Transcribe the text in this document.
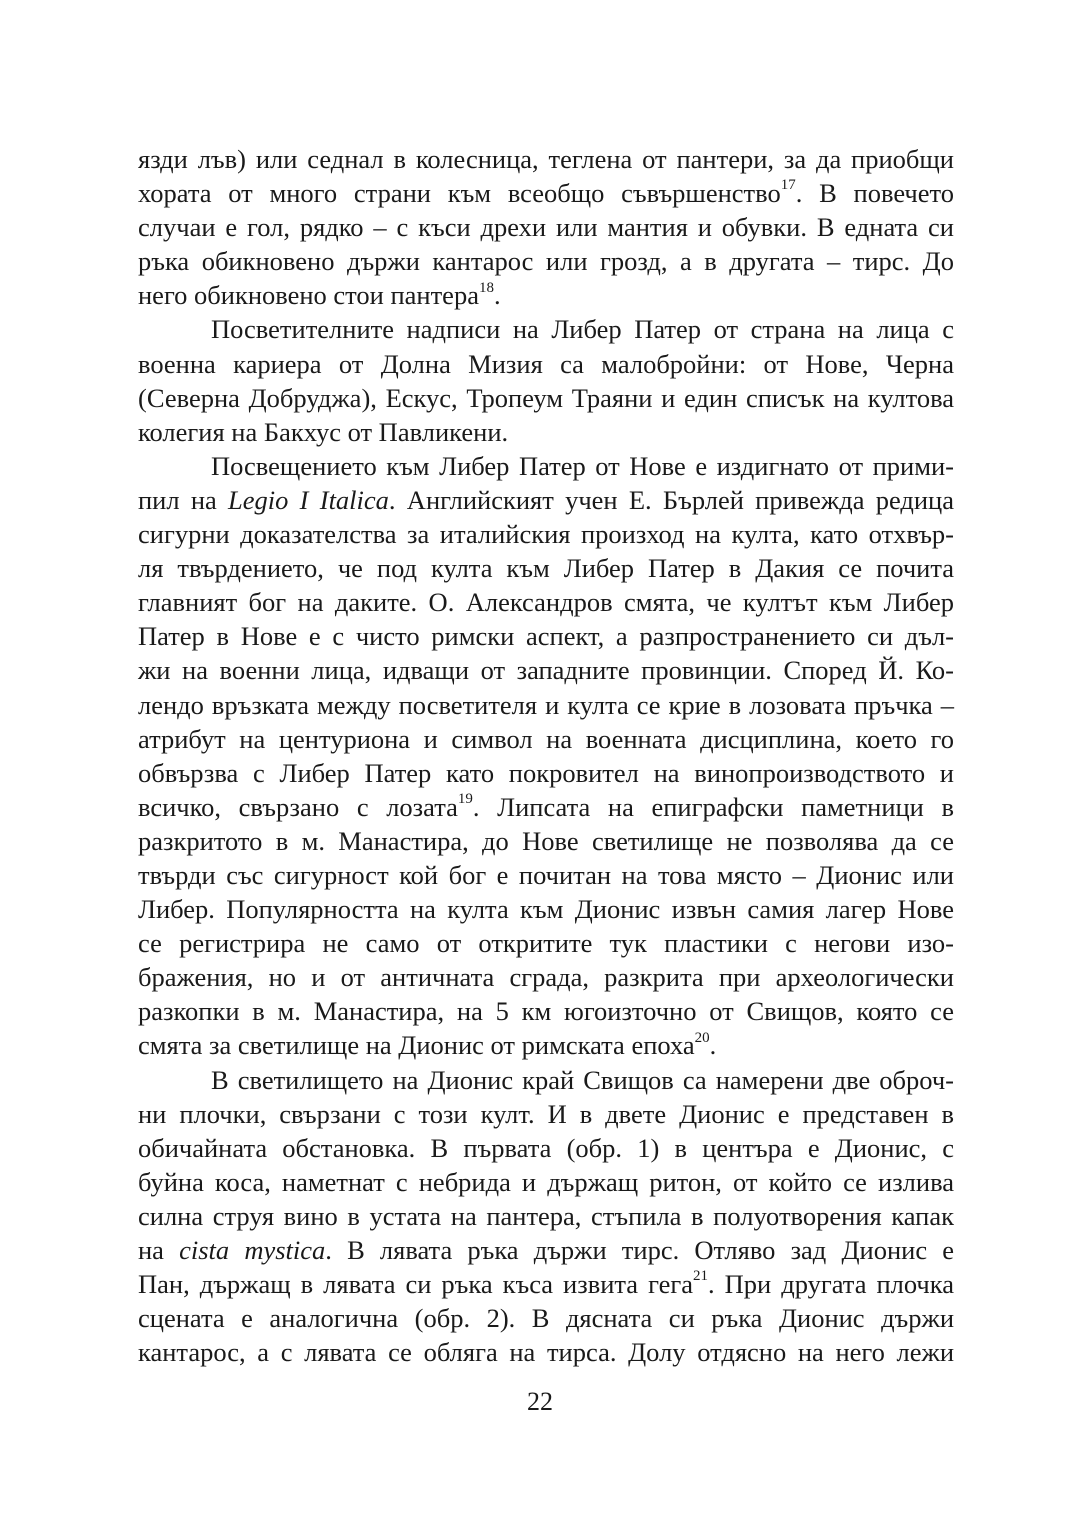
язди лъв) или седнал в колесница, теглена от пантери, за да приобщи
хората от много страни към всеобщо съвършенство$^{17}$. В повечето
случаи е гол, рядко – с къси дрехи или мантия и обувки. В едната си
ръка обикновено държи кантарос или грозд, а в другата – тирс. До
него обикновено стои пантера$^{18}$.
Посветителните надписи на Либер Патер от страна на лица с
военна кариера от Долна Мизия са малобройни: от Нове, Черна
(Северна Добруджа), Ескус, Тропеум Траяни и един списък на култова
колегия на Бакхус от Павликени.
Посвещението към Либер Патер от Нове е издигнато от прими-
пил на Legio I Italica. Английският учен Е. Бърлей привежда редица
сигурни доказателства за италийския произход на култа, като отхвър-
ля твърдението, че под култа към Либер Патер в Дакия се почита
главният бог на даките. О. Александров смята, че култът към Либер
Патер в Нове е с чисто римски аспект, а разпространението си дъл-
жи на военни лица, идващи от западните провинции. Според Й. Ко-
лендо връзката между посветителя и култа се крие в лозовата пръчка –
атрибут на центуриона и символ на военната дисциплина, което го
обвързва с Либер Патер като покровител на винопроизводството и
всичко, свързано с лозата$^{19}$. Липсата на епиграфски паметници в
разкритото в м. Манастира, до Нове светилище не позволява да се
твърди със сигурност кой бог е почитан на това място – Дионис или
Либер. Популярността на култа към Дионис извън самия лагер Нове
се регистрира не само от откритите тук пластики с негови изо-
бражения, но и от античната сграда, разкрита при археологически
разкопки в м. Манастира, на 5 км югоизточно от Свищов, която се
смята за светилище на Дионис от римската епоха$^{20}$.
В светилището на Дионис край Свищов са намерени две оброч-
ни плочки, свързани с този култ. И в двете Дионис е представен в
обичайната обстановка. В първата (обр. 1) в центъра е Дионис, с
буйна коса, наметнат с небрида и държащ ритон, от който се излива
силна струя вино в устата на пантера, стъпила в полуотворения капак
на cista mystica. В лявата ръка държи тирс. Отляво зад Дионис е
Пан, държащ в лявата си ръка къса извита гега$^{21}$. При другата плочка
сцената е аналогична (обр. 2). В дясната си ръка Дионис държи
кантарос, а с лявата се обляга на тирса. Долу отдясно на него лежи
22
